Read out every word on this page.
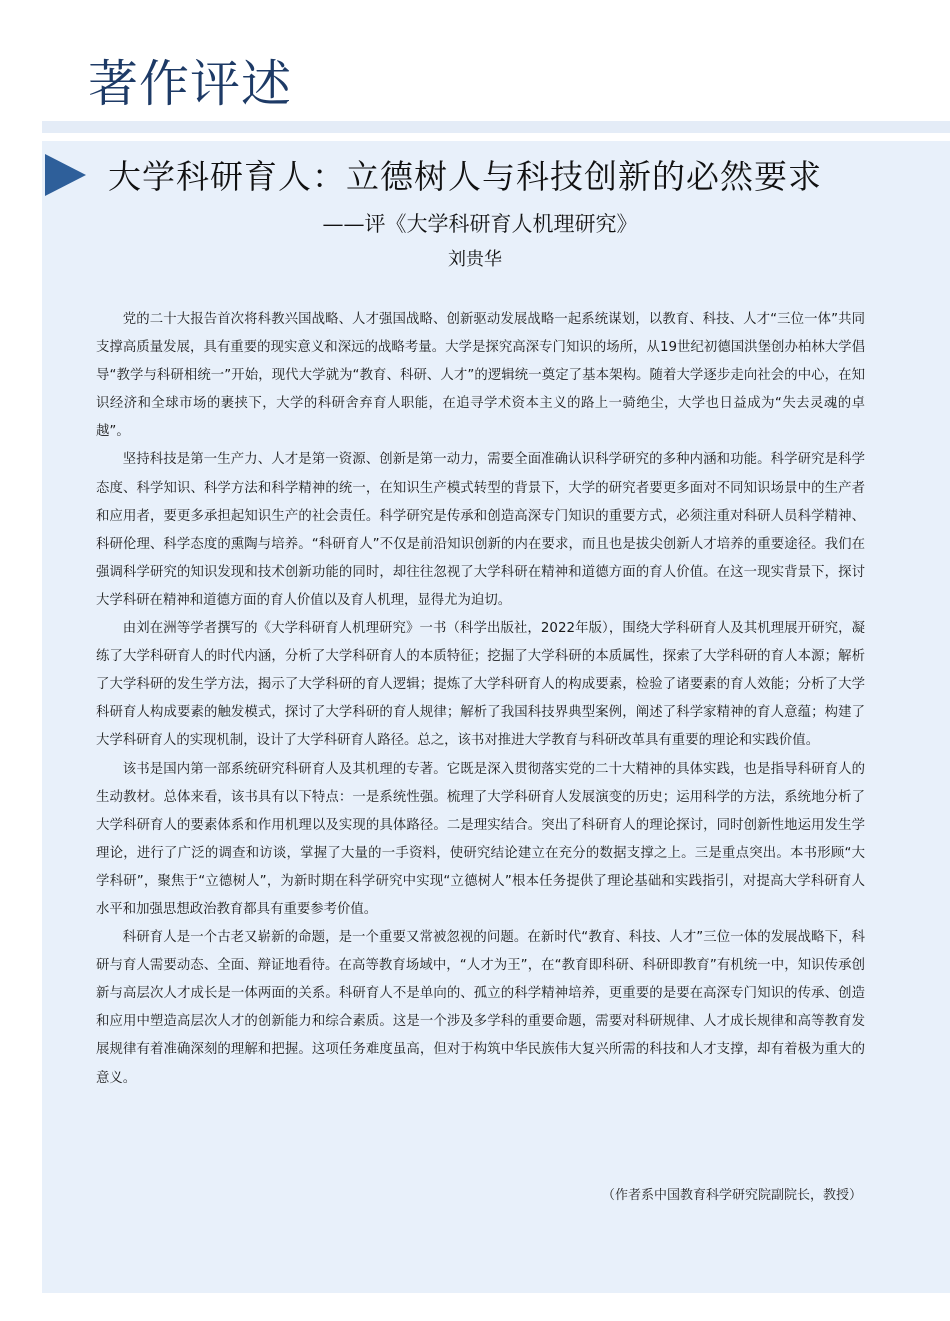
著作评述
大学科研育人：立德树人与科技创新的必然要求
——评《大学科研育人机理研究》
刘贵华

党的二十大报告首次将科教兴国战略、人才强国战略、创新驱动发展战略一起系统谋划，以教育、科技、人才“三位一体”共同支撑高质量发展，具有重要的现实意义和深远的战略考量。大学是探究高深专门知识的场所，从19世纪初德国洪堡创办柏林大学倡导“教学与科研相统一”开始，现代大学就为“教育、科研、人才”的逻辑统一奠定了基本架构。随着大学逐步走向社会的中心，在知识经济和全球市场的裹挟下，大学的科研舍弃育人职能，在追寻学术资本主义的路上一骑绝尘，大学也日益成为“失去灵魂的卓越”。

坚持科技是第一生产力、人才是第一资源、创新是第一动力，需要全面准确认识科学研究的多种内涵和功能。科学研究是科学态度、科学知识、科学方法和科学精神的统一，在知识生产模式转型的背景下，大学的研究者要更多面对不同知识场景中的生产者和应用者，要更多承担起知识生产的社会责任。科学研究是传承和创造高深专门知识的重要方式，必须注重对科研人员科学精神、科研伦理、科学态度的熏陶与培养。“科研育人”不仅是前沿知识创新的内在要求，而且也是拔尖创新人才培养的重要途径。我们在强调科学研究的知识发现和技术创新功能的同时，却往往忽视了大学科研在精神和道德方面的育人价值。在这一现实背景下，探讨大学科研在精神和道德方面的育人价值以及育人机理，显得尤为迫切。

由刘在洲等学者撰写的《大学科研育人机理研究》一书（科学出版社，2022年版），围绕大学科研育人及其机理展开研究，凝练了大学科研育人的时代内涵，分析了大学科研育人的本质特征；挖掘了大学科研的本质属性，探索了大学科研的育人本源；解析了大学科研的发生学方法，揭示了大学科研的育人逻辑；提炼了大学科研育人的构成要素，检验了诸要素的育人效能；分析了大学科研育人构成要素的触发模式，探讨了大学科研的育人规律；解析了我国科技界典型案例，阐述了科学家精神的育人意蕴；构建了大学科研育人的实现机制，设计了大学科研育人路径。总之，该书对推进大学教育与科研改革具有重要的理论和实践价值。

该书是国内第一部系统研究科研育人及其机理的专著。它既是深入贯彻落实党的二十大精神的具体实践，也是指导科研育人的生动教材。总体来看，该书具有以下特点：一是系统性强。梳理了大学科研育人发展演变的历史；运用科学的方法，系统地分析了大学科研育人的要素体系和作用机理以及实现的具体路径。二是理实结合。突出了科研育人的理论探讨，同时创新性地运用发生学理论，进行了广泛的调查和访谈，掌握了大量的一手资料，使研究结论建立在充分的数据支撑之上。三是重点突出。本书形顾“大学科研”，聚焦于“立德树人”，为新时期在科学研究中实现“立德树人”根本任务提供了理论基础和实践指引，对提高大学科研育人水平和加强思想政治教育都具有重要参考价值。

科研育人是一个古老又崭新的命题，是一个重要又常被忽视的问题。在新时代“教育、科技、人才”三位一体的发展战略下，科研与育人需要动态、全面、辩证地看待。在高等教育场域中，“人才为王”，在“教育即科研、科研即教育”有机统一中，知识传承创新与高层次人才成长是一体两面的关系。科研育人不是单向的、孤立的科学精神培养，更重要的是要在高深专门知识的传承、创造和应用中塑造高层次人才的创新能力和综合素质。这是一个涉及多学科的重要命题，需要对科研规律、人才成长规律和高等教育发展规律有着准确深刻的理解和把握。这项任务难度虽高，但对于构筑中华民族伟大复兴所需的科技和人才支撑，却有着极为重大的意义。

（作者系中国教育科学研究院副院长，教授）
